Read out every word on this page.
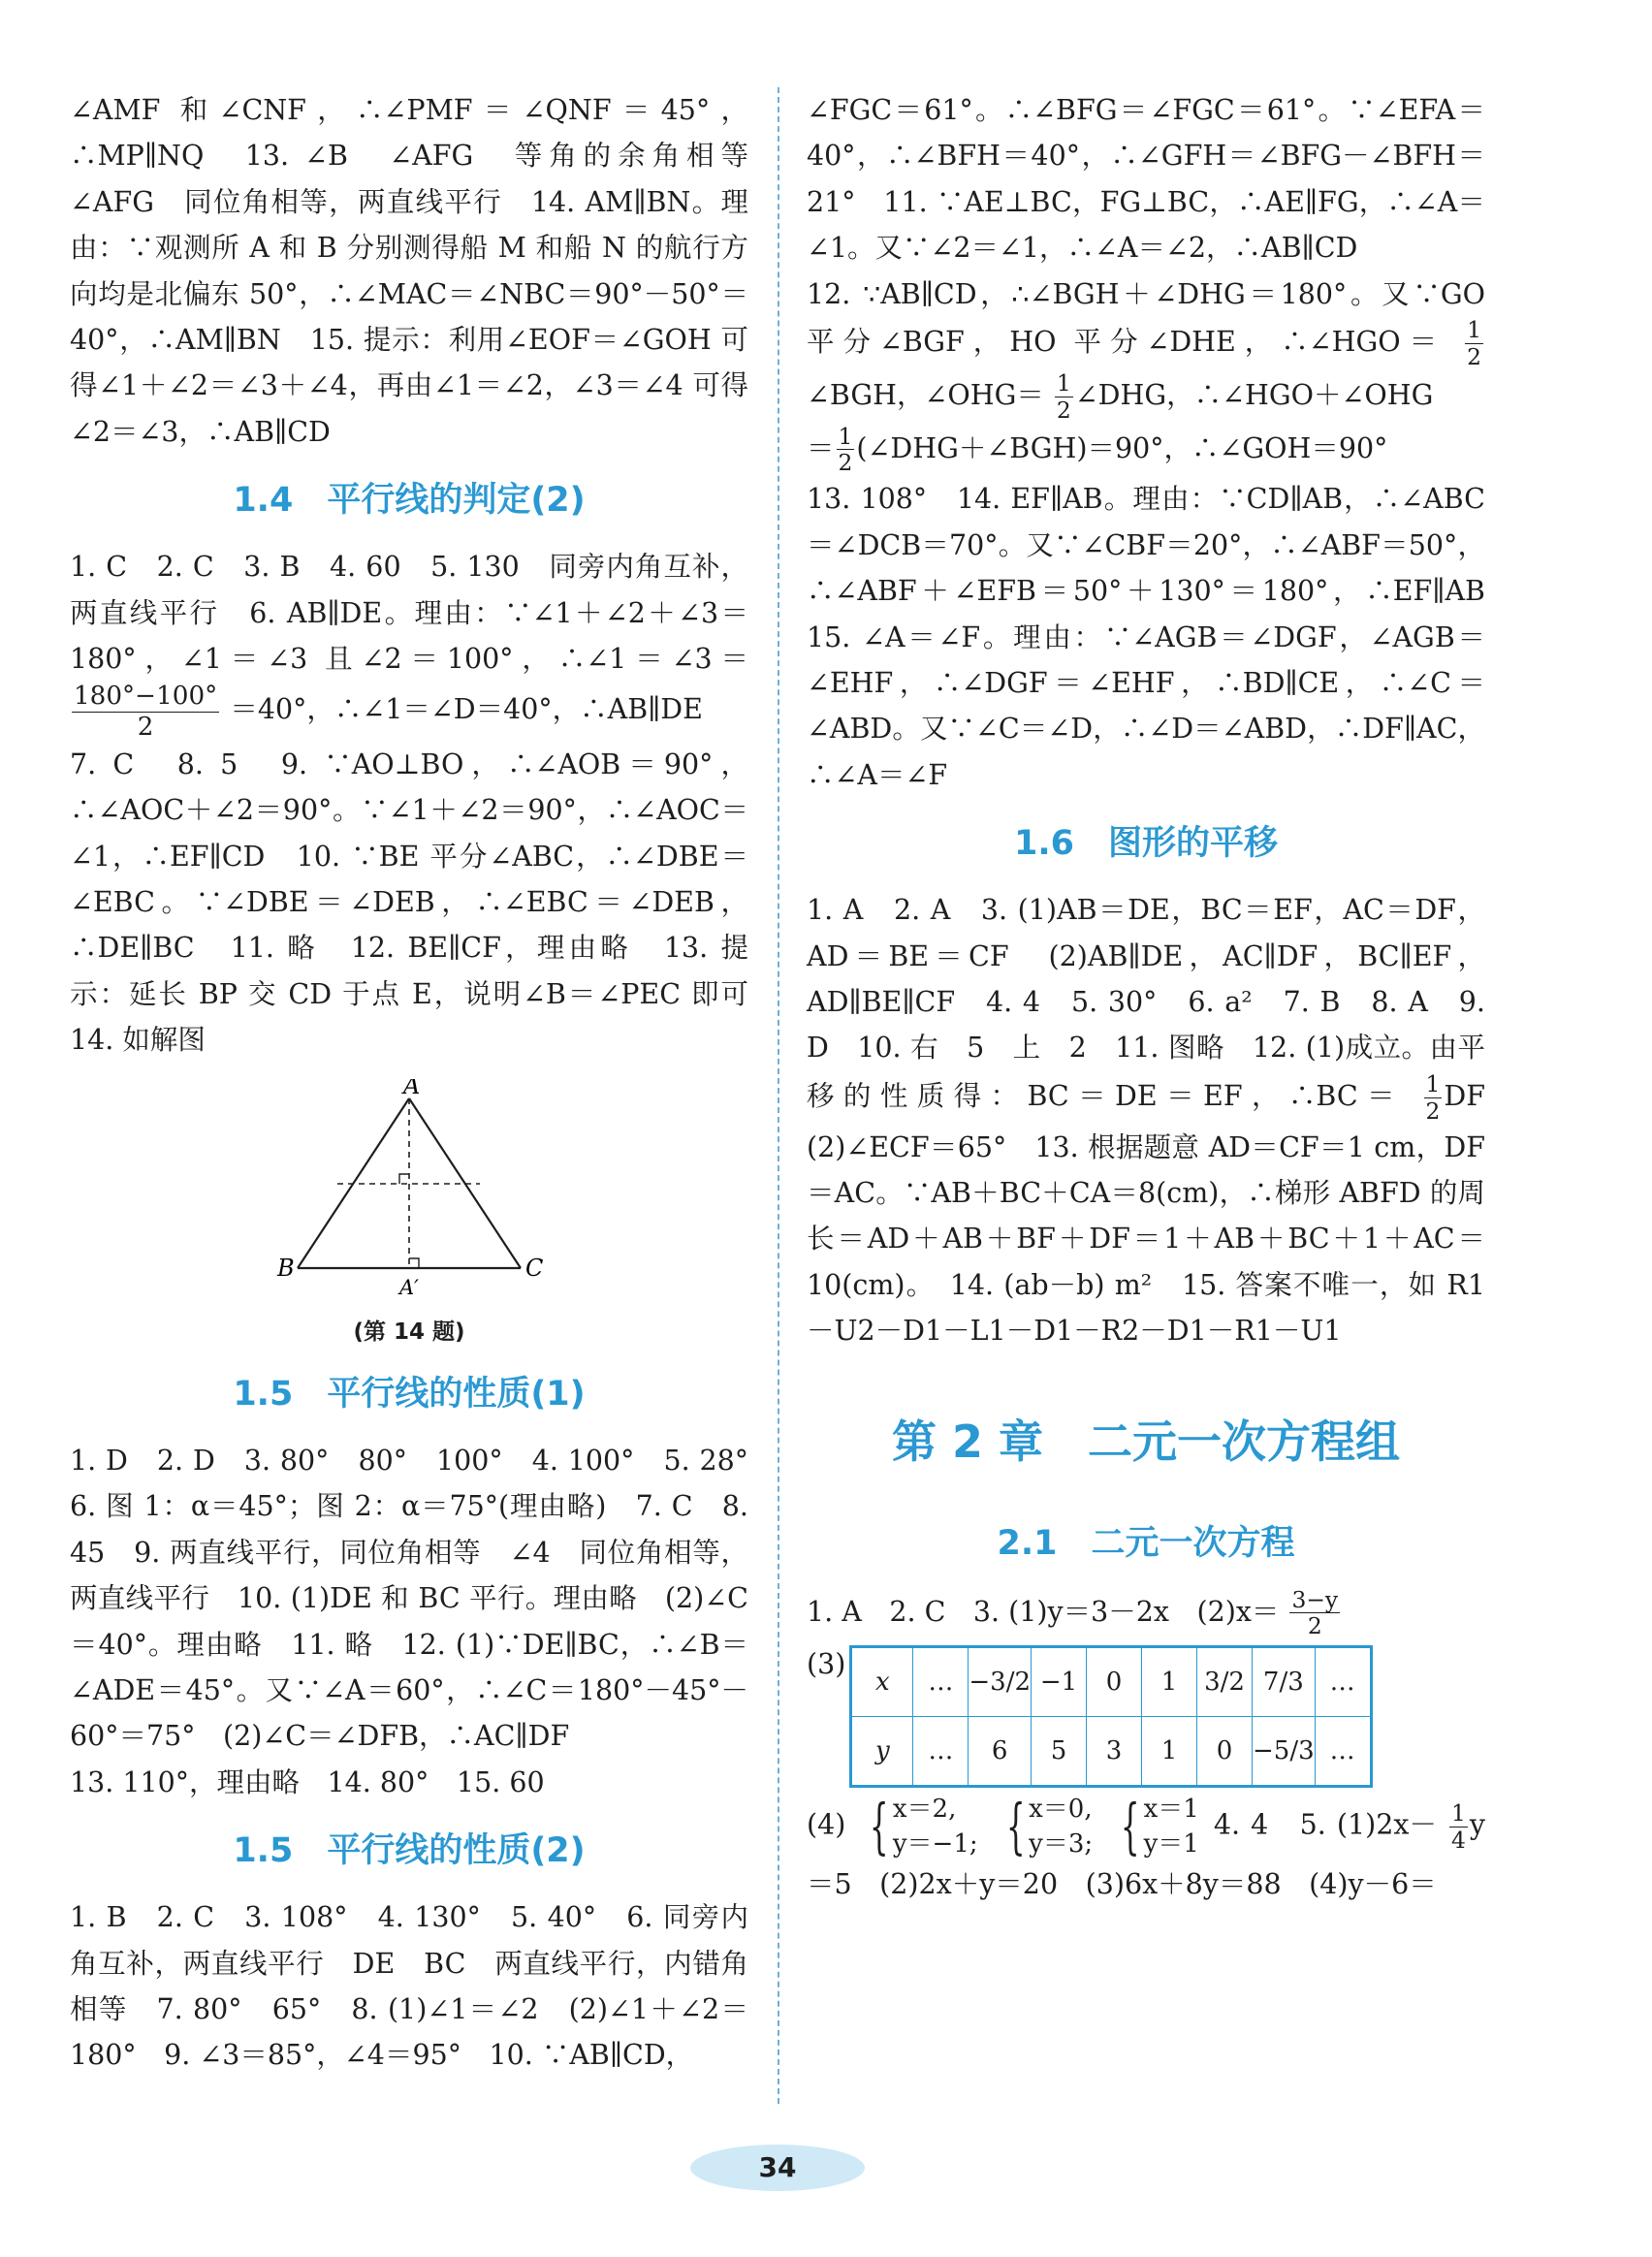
∠AMF 和∠CNF，∴∠PMF＝∠QNF＝45°，∴MP∥NQ　13. ∠B　∠AFG　等角的余角相等　∠AFG　同位角相等，两直线平行　14. AM∥BN。理由：∵观测所 A 和 B 分别测得船 M 和船 N 的航行方向均是北偏东 50°，∴∠MAC＝∠NBC＝90°－50°＝40°，∴AM∥BN　15. 提示：利用∠EOF＝∠GOH 可得∠1＋∠2＝∠3＋∠4，再由∠1＝∠2，∠3＝∠4 可得∠2＝∠3，∴AB∥CD

1.4　平行线的判定(2)

1. C　2. C　3. B　4. 60　5. 130　同旁内角互补，两直线平行　6. AB∥DE。理由：∵∠1＋∠2＋∠3＝180°，∠1＝∠3 且∠2＝100°，∴∠1＝∠3＝
$\frac{180^\circ-100^\circ}{2} =40^\circ$，∴∠1＝∠D＝40°，∴AB∥DE

7. C　8. 5　9. ∵AO⊥BO，∴∠AOB＝90°，∴∠AOC＋∠2＝90°。∵∠1＋∠2＝90°，∴∠AOC＝∠1，∴EF∥CD　10. ∵BE 平分∠ABC，∴∠DBE＝∠EBC。∵∠DBE＝∠DEB，∴∠EBC＝∠DEB，∴DE∥BC　11. 略　12. BE∥CF，理由略　13. 提示：延长 BP 交 CD 于点 E，说明∠B＝∠PEC 即可　14. 如解图

A
B	C
A′
(第 14 题)
1.5　平行线的性质(1)

1. D　2. D　3. 80°　80°　100°　4. 100°　5. 28°　6. 图 1：α＝45°；图 2：α＝75°(理由略)　7. C　8. 45　9. 两直线平行，同位角相等　∠4　同位角相等，两直线平行　10. (1)DE 和 BC 平行。理由略　(2)∠C＝40°。理由略　11. 略　12. (1)∵DE∥BC，∴∠B＝∠ADE＝45°。又∵∠A＝60°，∴∠C＝180°－45°－60°＝75°　(2)∠C＝∠DFB，∴AC∥DF

13. 110°，理由略　14. 80°　15. 60

1.5　平行线的性质(2)

1. B　2. C　3. 108°　4. 130°　5. 40°　6. 同旁内角互补，两直线平行　DE　BC　两直线平行，内错角相等　7. 80°　65°　8. (1)∠1＝∠2　(2)∠1＋∠2＝180°　9. ∠3＝85°，∠4＝95°　10. ∵AB∥CD，

∠FGC＝61°。∴∠BFG＝∠FGC＝61°。∵∠EFA＝40°，∴∠BFH＝40°，∴∠GFH＝∠BFG－∠BFH＝21°　11. ∵AE⊥BC，FG⊥BC，∴AE∥FG，∴∠A＝∠1。又∵∠2＝∠1，∴∠A＝∠2，∴AB∥CD

12. ∵AB∥CD，∴∠BGH＋∠DHG＝180°。又∵GO 平分∠BGF，HO 平分∠DHE，∴∠HGO＝ $\frac{1}{2}$
∠BGH，∠OHG＝ $\frac{1}{2}$ ∠DHG，∴∠HGO＋∠OHG
＝ $\frac{1}{2}$ (∠DHG＋∠BGH)＝90°，∴∠GOH＝90°

13. 108°　14. EF∥AB。理由：∵CD∥AB，∴∠ABC＝∠DCB＝70°。又∵∠CBF＝20°，∴∠ABF＝50°，∴∠ABF＋∠EFB＝50°＋130°＝180°，∴EF∥AB　15. ∠A＝∠F。理由：∵∠AGB＝∠DGF，∠AGB＝∠EHF，∴∠DGF＝∠EHF，∴BD∥CE，∴∠C＝∠ABD。又∵∠C＝∠D，∴∠D＝∠ABD，∴DF∥AC，∴∠A＝∠F

1.6　图形的平移

1. A　2. A　3. (1)AB＝DE，BC＝EF，AC＝DF，AD＝BE＝CF　(2)AB∥DE，AC∥DF，BC∥EF，AD∥BE∥CF　4. 4　5. 30°　6. a²　7. B　8. A　9. D　10. 右　5　上　2　11. 图略　12. (1)成立。由平移的性质得：BC＝DE＝EF，∴BC＝ $\frac{1}{2}$ DF　(2)∠ECF＝65°　13. 根据题意 AD＝CF＝1 cm，DF＝AC。∵AB＋BC＋CA＝8(cm)，∴梯形 ABFD 的周长＝AD＋AB＋BF＋DF＝1＋AB＋BC＋1＋AC＝10(cm)。　14. (ab－b) m²　15. 答案不唯一，如 R1－U2－D1－L1－D1－R2－D1－R1－U1

第 2 章　二元一次方程组
2.1　二元一次方程

1. A　2. C　3. (1)y＝3－2x　$(2)x= \frac{3-y}{2}$

(3)
x	…	−3/2	−1	0	1	3/2	7/3	…
y	…	6	5	3	1	0	−5/3	…

(4) { x＝2,
y＝−1;
{ x＝0,
y＝3;
{ x＝1
y＝1
4. 4　5. $(1)2x- \frac{1}{4} y=5$　(2)2x＋y＝20　(3)6x＋8y＝88　(4)y－6＝

34
